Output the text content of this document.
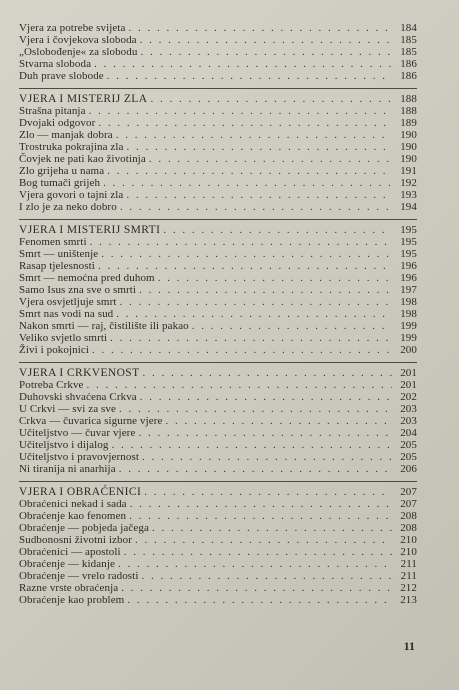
Vjera za potrebe svijeta . . .	184
Vjera i čovjekova sloboda . . .	185
„Oslobođenje« za slobodu . . .	185
Stvarna sloboda . . .	186
Duh prave slobode . . .	186
VJERA I MISTERIJ ZLA . . .	188
Strašna pitanja . . .	188
Dvojaki odgovor . . .	189
Zlo — manjak dobra . . .	190
Trostruka pokrajina zla . . .	190
Čovjek ne pati kao životinja . . .	190
Zlo grijeha u nama . . .	191
Bog tumači grijeh . . .	192
Vjera govori o tajni zla . . .	193
I zlo je za neko dobro . . .	194
VJERA I MISTERIJ SMRTI . . .	195
Fenomen smrti . . .	195
Smrt — uništenje . . .	195
Rasap tjelesnosti . . .	196
Smrt — nemoćna pred duhom . . .	196
Samo Isus zna sve o smrti . . .	197
Vjera osvjetljuje smrt . . .	198
Smrt nas vodi na sud . . .	198
Nakon smrti — raj, čistilište ili pakao . . .	199
Veliko svjetlo smrti . . .	199
Živi i pokojnici . . .	200
VJERA I CRKVENOST . . .	201
Potreba Crkve . . .	201
Duhovski shvaćena Crkva . . .	202
U Crkvi — svi za sve . . .	203
Crkva — čuvarica sigurne vjere . . .	203
Učiteljstvo — čuvar vjere . . .	204
Učiteljstvo i dijalog . . .	205
Učiteljstvo i pravovjernost . . .	205
Ni tiranija ni anarhija . . .	206
VJERA I OBRAĆENICI . . .	207
Obraćenici nekad i sada . . .	207
Obraćenje kao fenomen . . .	208
Obraćenje — pobjeda jačega . . .	208
Sudbonosni životni izbor . . .	210
Obraćenici — apostoli . . .	210
Obraćenje — kidanje . . .	211
Obraćenje — vrelo radosti . . .	211
Razne vrste obraćenja . . .	212
Obraćenje kao problem . . .	213
11
